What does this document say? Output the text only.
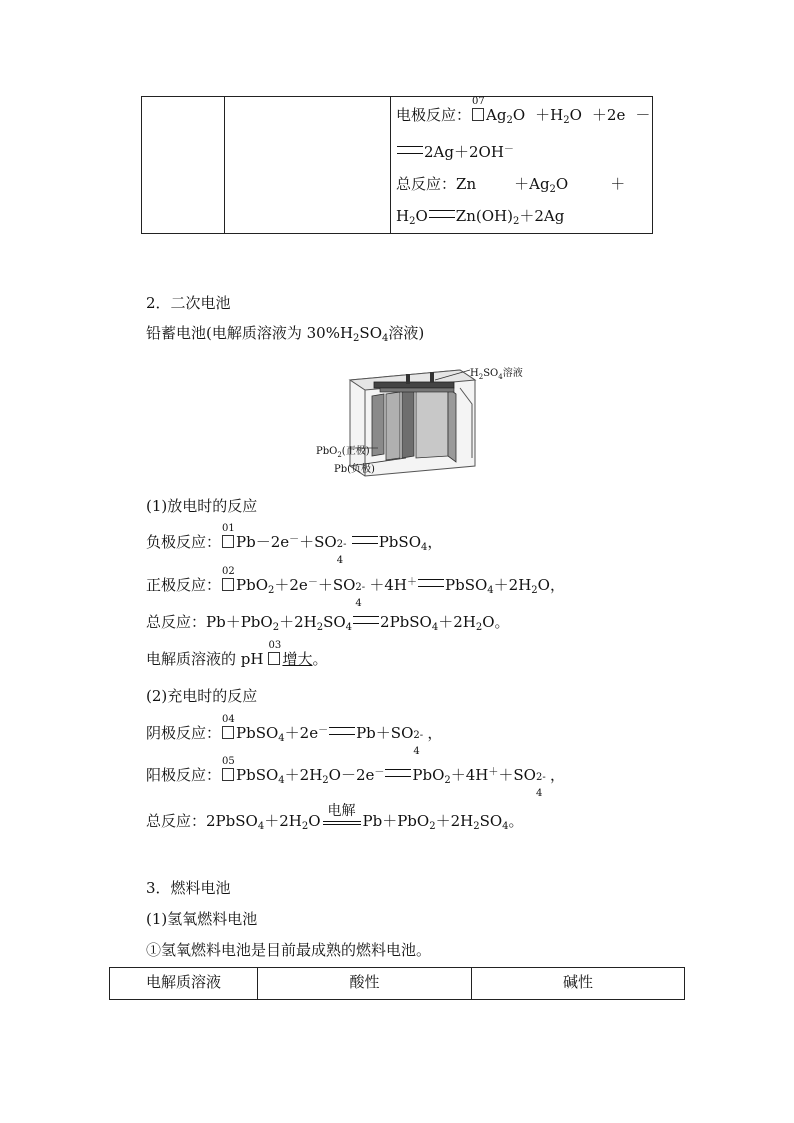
电极反应：
07
$Ag_2O +H_2O +2e$ －
2Ag＋2OH－
总反应：Zn	$+Ag_2O$	＋
$H_2O$ $Zn(OH)_2+2Ag$
2．二次电池
铅蓄电池(电解质溶液为 $30\%H_2SO_4$溶液)
$H_2SO_4$溶液
PbO$_2$(正极)
Pb(负极)
(1)放电时的反应
负极反应：
01
Pb－2e－＋SO 2-
4
PbSO$_4$，
正极反应：
02
PbO$_2$＋2e－＋SO 2-
4
＋4H＋ $PbSO_4+2H_2O$，
总反应：$Pb+PbO_2+2H_2SO_4$ $2PbSO_4+2H_2O$。
电解质溶液的 pH
03
增大。
(2)充电时的反应
阴极反应：
04
PbSO$_4$＋2e－ Pb＋SO 2-
4
，
阳极反应：
05
$PbSO_4+2H_2O-2e^-$ PbO$_2$＋4H＋＋SO 2-
4
，
总反应：$2PbSO_4+2H_2O$
电解
$Pb+PbO_2+2H_2SO_4$。
3．燃料电池
(1)氢氧燃料电池
①氢氧燃料电池是目前最成熟的燃料电池。
电解质溶液	酸性	碱性
